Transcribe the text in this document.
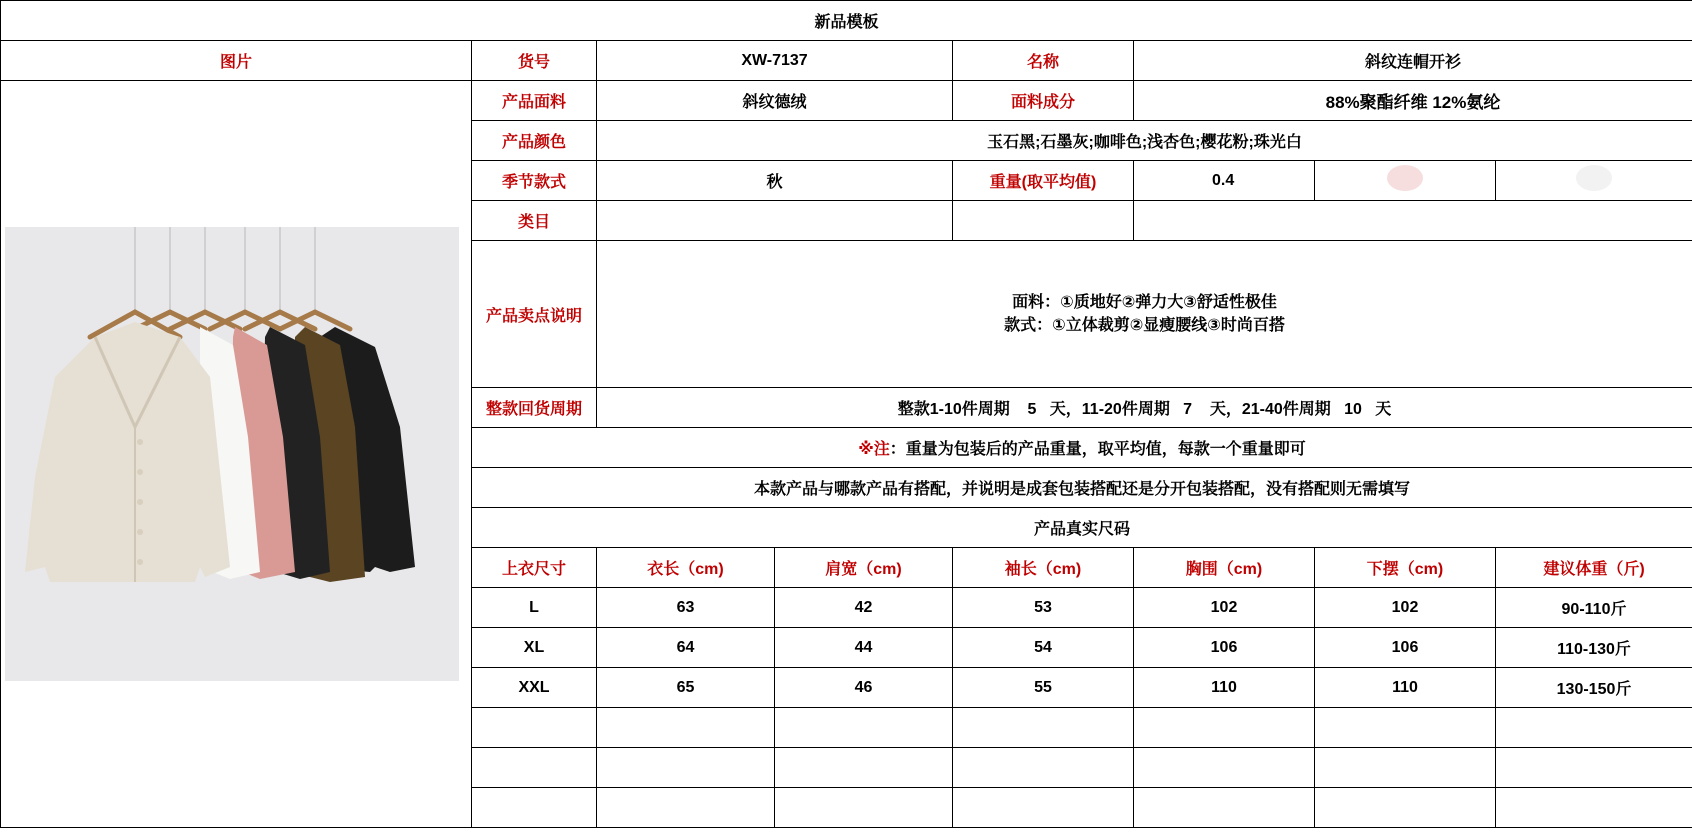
新品模板							
图片	货号	XW-7137		名称	斜纹连帽开衫		

	产品面料	斜纹德绒		面料成分	88%聚酯纤维 12%氨纶		
	产品颜色	玉石黑;石墨灰;咖啡色;浅杏色;樱花粉;珠光白					
	季节款式	秋		重量(取平均值)	0.4		
	类目						
	产品卖点说明	面料：①质地好②弹力大③舒适性极佳
款式：①立体裁剪②显瘦腰线③时尚百搭					

	整款回货周期	整款1-10件周期    5   天，11-20件周期   7    天，21-40件周期   10   天					
	※注：重量为包装后的产品重量，取平均值，每款一个重量即可						
	本款产品与哪款产品有搭配，并说明是成套包装搭配还是分开包装搭配，没有搭配则无需填写						
	产品真实尺码						
	上衣尺寸	衣长（cm)	肩宽（cm)	袖长（cm)	胸围（cm)	下摆（cm)	建议体重（斤)
	L	63	42	53	102	102	90-110斤
	XL	64	44	54	106	106	110-130斤
	XXL	65	46	55	110	110	130-150斤
